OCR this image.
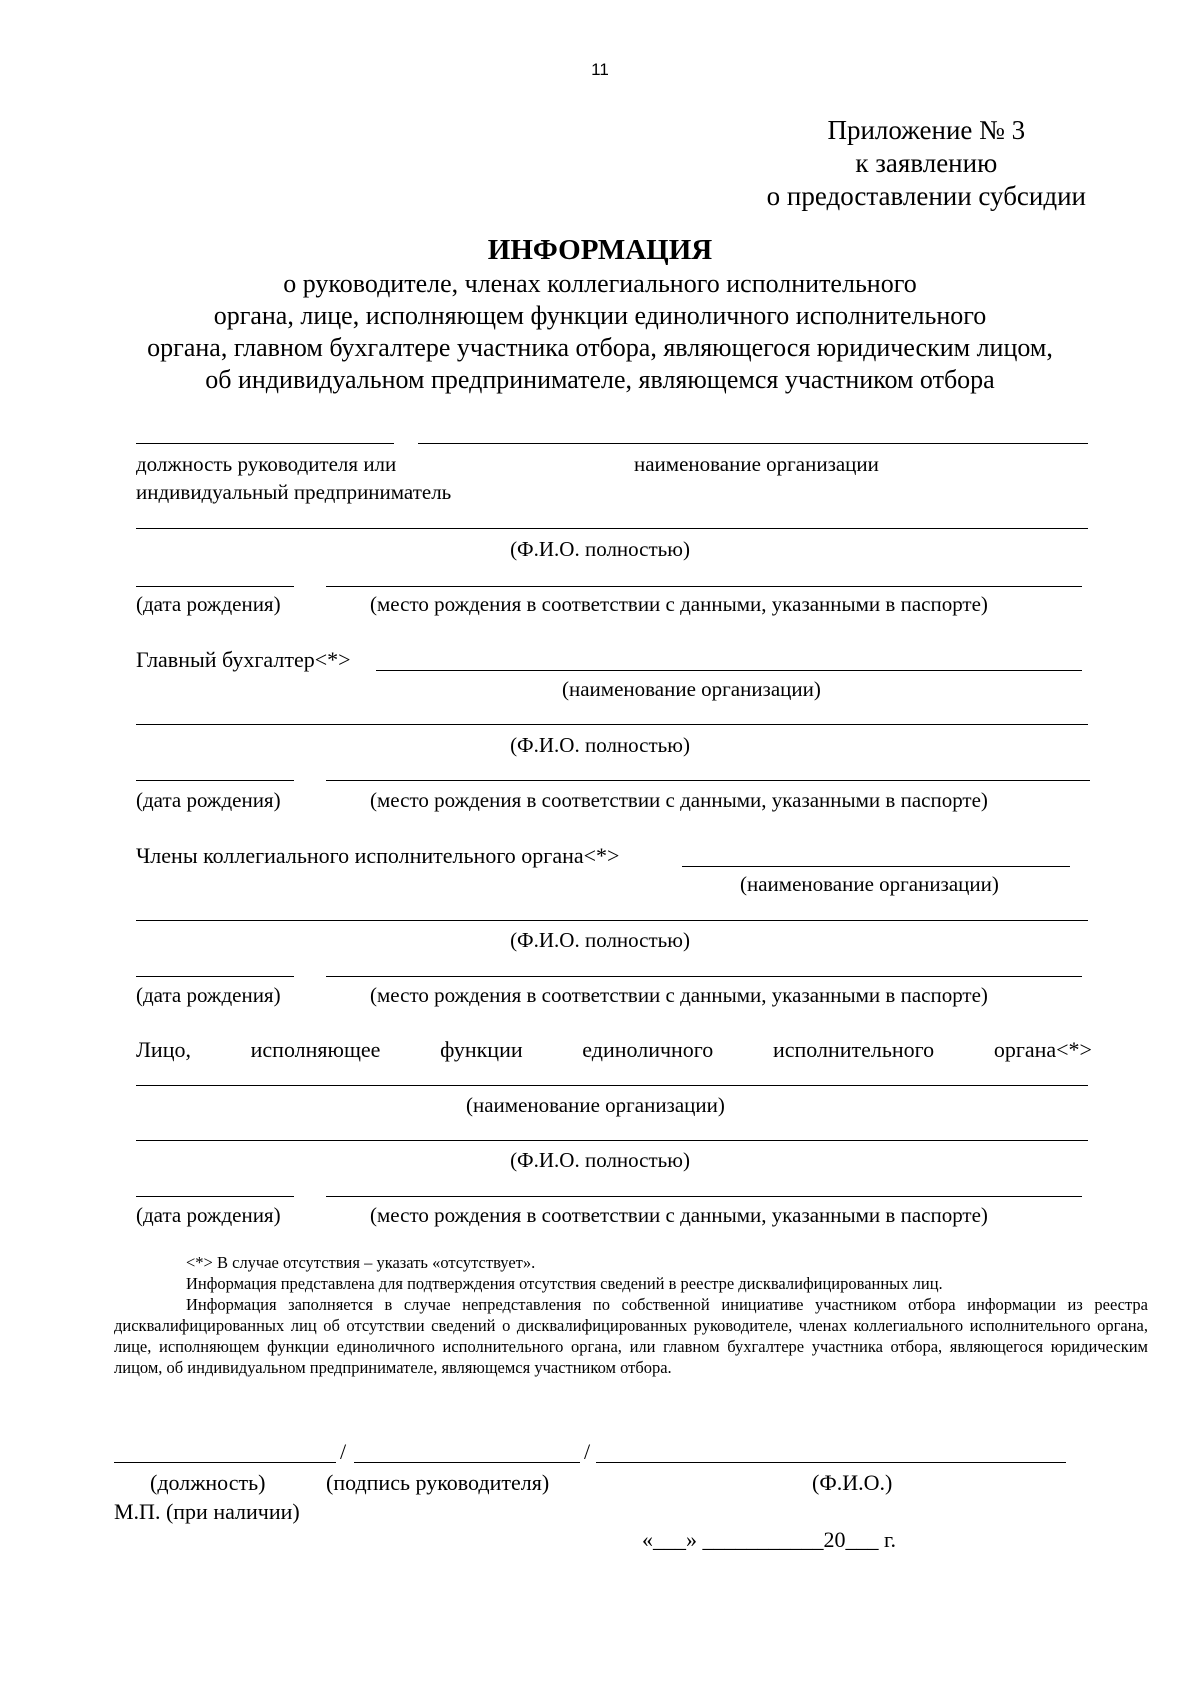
11
Приложение № 3
к заявлению
о предоставлении субсидии
ИНФОРМАЦИЯ
о руководителе, членах коллегиального исполнительного
органа, лице, исполняющем функции единоличного исполнительного
органа, главном бухгалтере участника отбора, являющегося юридическим лицом,
об индивидуальном предпринимателе, являющемся участником отбора
должность руководителя или
индивидуальный предприниматель
наименование организации
(Ф.И.О. полностью)
(дата рождения)	(место рождения в соответствии с данными, указанными в паспорте)
Главный бухгалтер<*>
(наименование организации)
(Ф.И.О. полностью)
(дата рождения)	(место рождения в соответствии с данными, указанными в паспорте)
Члены коллегиального исполнительного органа<*>
(наименование организации)
(Ф.И.О. полностью)
(дата рождения)	(место рождения в соответствии с данными, указанными в паспорте)
Лицо,	исполняющее	функции	единоличного	исполнительного	органа<*>
(наименование организации)
(Ф.И.О. полностью)
(дата рождения)	(место рождения в соответствии с данными, указанными в паспорте)

<*> В случае отсутствия – указать «отсутствует».

Информация представлена для подтверждения отсутствия сведений в реестре дисквалифицированных лиц.

Информация заполняется в случае непредставления по собственной инициативе участником отбора информации из реестра дисквалифицированных лиц об отсутствии сведений о дисквалифицированных руководителе, членах коллегиального исполнительного органа, лице, исполняющем функции единоличного исполнительного органа, или главном бухгалтере участника отбора, являющегося юридическим лицом, об индивидуальном предпринимателе, являющемся участником отбора.

/	/
(должность)	(подпись руководителя)	(Ф.И.О.)
М.П. (при наличии)
«___» ___________20___ г.
